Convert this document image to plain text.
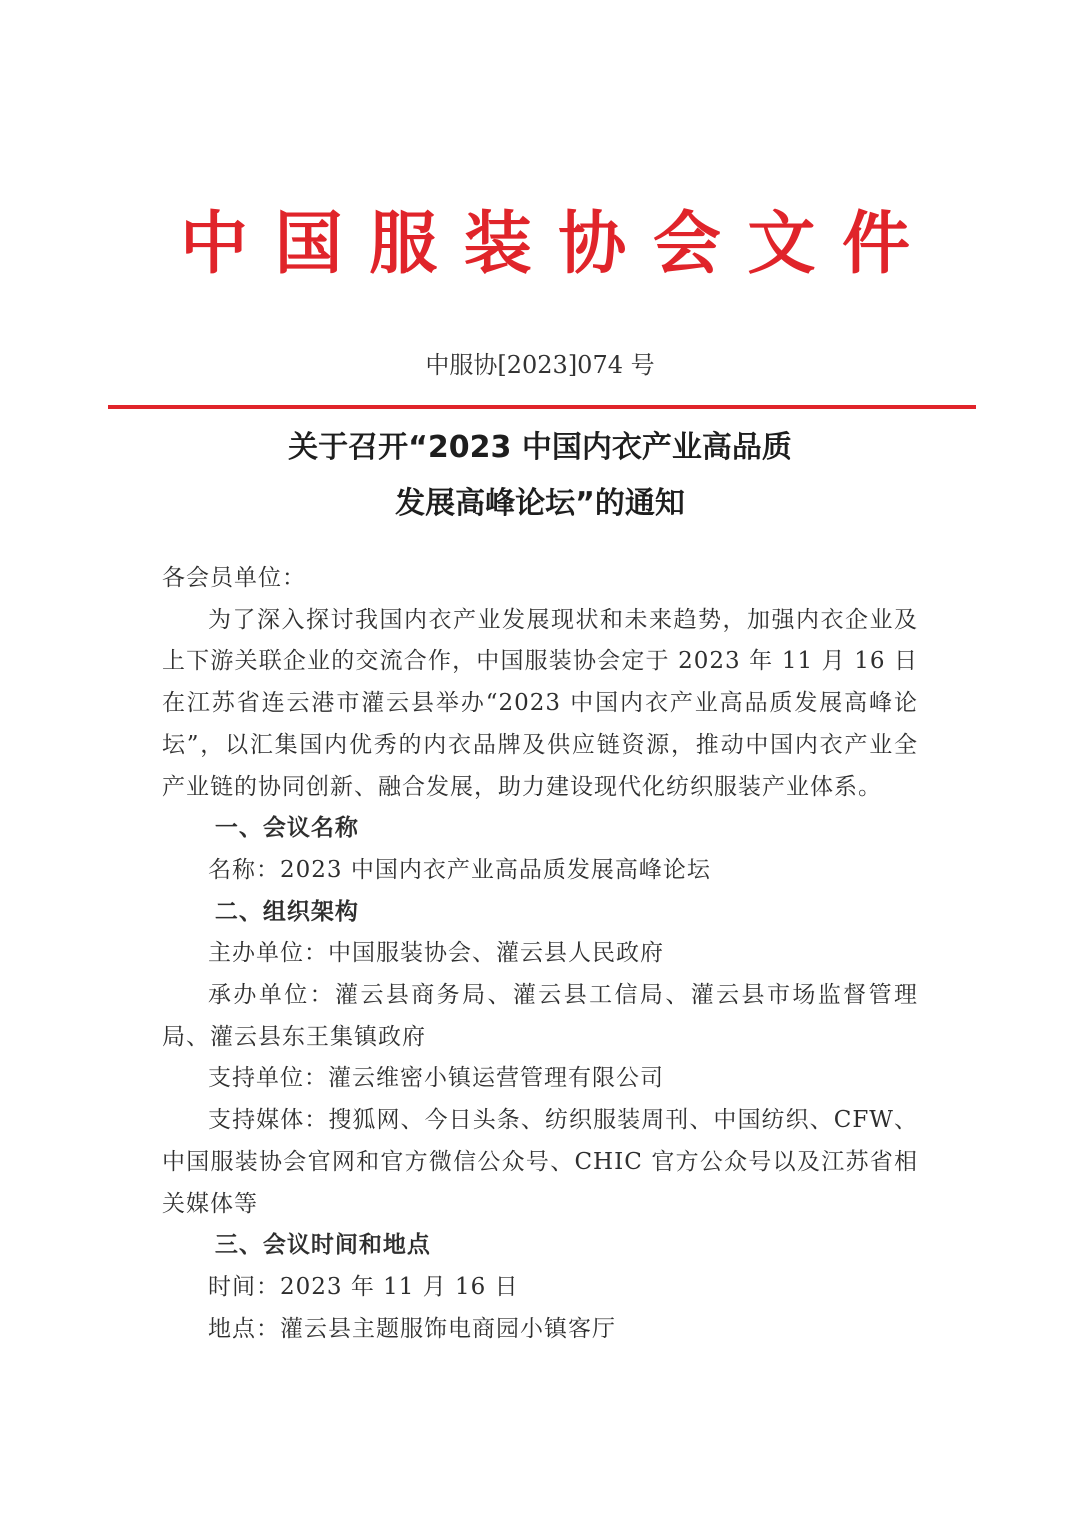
中 国 服 装 协 会 文 件
中服协[2023]074 号
关于召开“2023 中国内衣产业高品质
发展高峰论坛”的通知

各会员单位：

为了深入探讨我国内衣产业发展现状和未来趋势，加强内衣企业及上下游关联企业的交流合作，中国服装协会定于 2023 年 11 月 16 日在江苏省连云港市灌云县举办“2023 中国内衣产业高品质发展高峰论坛”，以汇集国内优秀的内衣品牌及供应链资源，推动中国内衣产业全产业链的协同创新、融合发展，助力建设现代化纺织服装产业体系。

一、会议名称

名称：2023 中国内衣产业高品质发展高峰论坛

二、组织架构

主办单位：中国服装协会、灌云县人民政府

承办单位：灌云县商务局、灌云县工信局、灌云县市场监督管理局、灌云县东王集镇政府

支持单位：灌云维密小镇运营管理有限公司

支持媒体：搜狐网、今日头条、纺织服装周刊、中国纺织、CFW、中国服装协会官网和官方微信公众号、CHIC 官方公众号以及江苏省相关媒体等

三、会议时间和地点

时间：2023 年 11 月 16 日

地点：灌云县主题服饰电商园小镇客厅
